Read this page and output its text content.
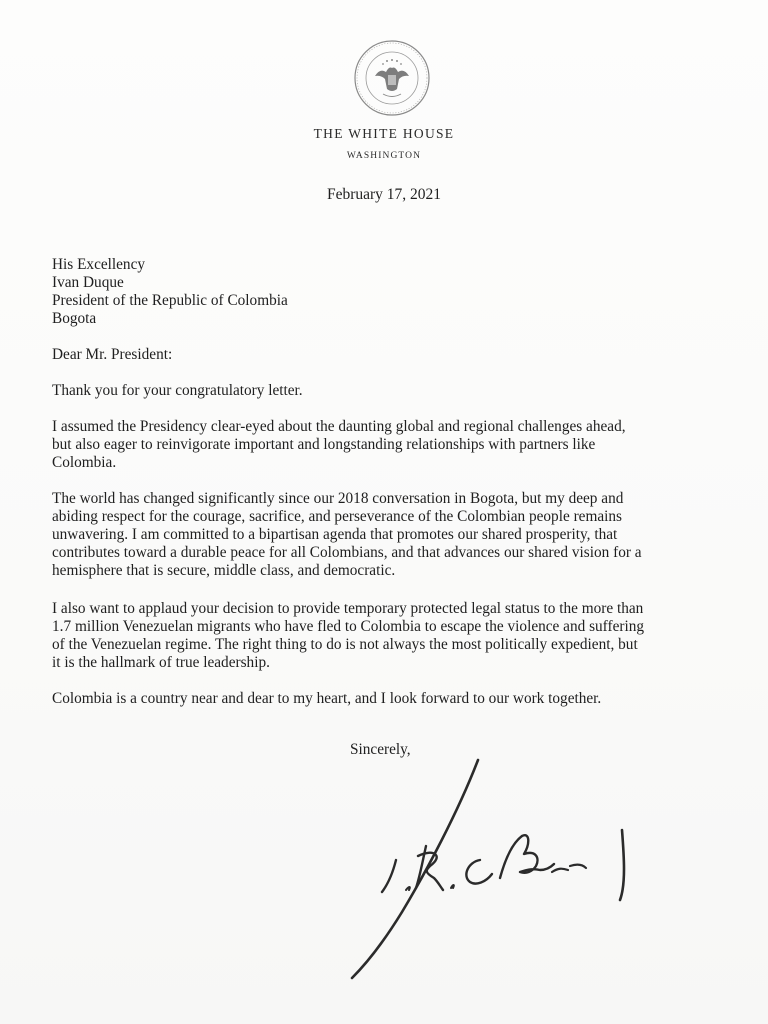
THE WHITE HOUSE
WASHINGTON
February 17, 2021
His Excellency
Ivan Duque
President of the Republic of Colombia
Bogota
Dear Mr. President:
Thank you for your congratulatory letter.
I assumed the Presidency clear-eyed about the daunting global and regional challenges ahead,
but also eager to reinvigorate important and longstanding relationships with partners like
Colombia.
The world has changed significantly since our 2018 conversation in Bogota, but my deep and
abiding respect for the courage, sacrifice, and perseverance of the Colombian people remains
unwavering. I am committed to a bipartisan agenda that promotes our shared prosperity, that
contributes toward a durable peace for all Colombians, and that advances our shared vision for a
hemisphere that is secure, middle class, and democratic.
I also want to applaud your decision to provide temporary protected legal status to the more than
1.7 million Venezuelan migrants who have fled to Colombia to escape the violence and suffering
of the Venezuelan regime. The right thing to do is not always the most politically expedient, but
it is the hallmark of true leadership.
Colombia is a country near and dear to my heart, and I look forward to our work together.
Sincerely,
